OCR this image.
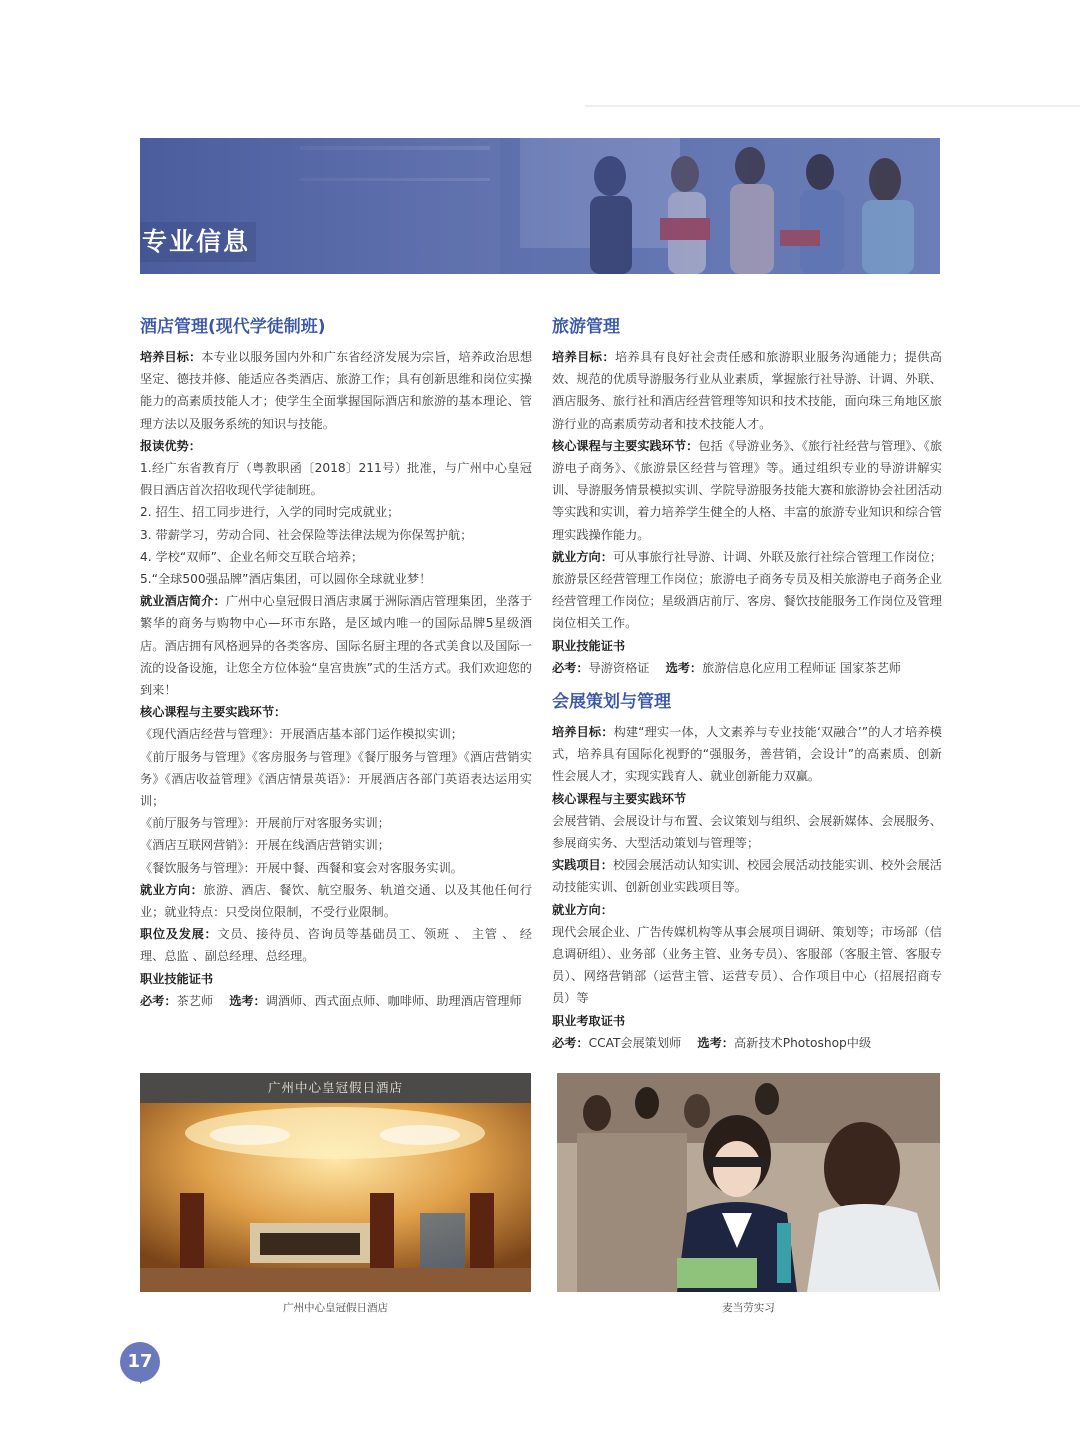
专业信息
酒店管理(现代学徒制班)

培养目标：本专业以服务国内外和广东省经济发展为宗旨，培养政治思想坚定、德技并修、能适应各类酒店、旅游工作；具有创新思维和岗位实操能力的高素质技能人才；使学生全面掌握国际酒店和旅游的基本理论、管理方法以及服务系统的知识与技能。

报读优势：

1.经广东省教育厅（粤教职函〔2018〕211号）批准，与广州中心皇冠假日酒店首次招收现代学徒制班。

2. 招生、招工同步进行，入学的同时完成就业；

3. 带薪学习，劳动合同、社会保险等法律法规为你保驾护航；

4. 学校“双师”、企业名师交互联合培养；

5.“全球500强品牌”酒店集团，可以圆你全球就业梦！

就业酒店简介：广州中心皇冠假日酒店隶属于洲际酒店管理集团，坐落于繁华的商务与购物中心—环市东路，是区域内唯一的国际品牌5星级酒店。酒店拥有风格迥异的各类客房、国际名厨主理的各式美食以及国际一流的设备设施，让您全方位体验“皇宫贵族”式的生活方式。我们欢迎您的到来！

核心课程与主要实践环节：

《现代酒店经营与管理》：开展酒店基本部门运作模拟实训；

《前厅服务与管理》《客房服务与管理》《餐厅服务与管理》《酒店营销实务》《酒店收益管理》《酒店情景英语》：开展酒店各部门英语表达运用实训；

《前厅服务与管理》：开展前厅对客服务实训；

《酒店互联网营销》：开展在线酒店营销实训；

《餐饮服务与管理》：开展中餐、西餐和宴会对客服务实训。

就业方向：旅游、酒店、餐饮、航空服务、轨道交通、以及其他任何行业；就业特点：只受岗位限制，不受行业限制。

职位及发展：文员、接待员、咨询员等基础员工、领班 、 主管 、 经理、总监 、副总经理、总经理。

职业技能证书

必考：茶艺师　 选考：调酒师、西式面点师、咖啡师、助理酒店管理师

旅游管理

培养目标：培养具有良好社会责任感和旅游职业服务沟通能力；提供高效、规范的优质导游服务行业从业素质，掌握旅行社导游、计调、外联、酒店服务、旅行社和酒店经营管理等知识和技术技能，面向珠三角地区旅游行业的高素质劳动者和技术技能人才。

核心课程与主要实践环节：包括《导游业务》、《旅行社经营与管理》、《旅游电子商务》、《旅游景区经营与管理》等。通过组织专业的导游讲解实训、导游服务情景模拟实训、学院导游服务技能大赛和旅游协会社团活动等实践和实训，着力培养学生健全的人格、丰富的旅游专业知识和综合管理实践操作能力。

就业方向：可从事旅行社导游、计调、外联及旅行社综合管理工作岗位；旅游景区经营管理工作岗位；旅游电子商务专员及相关旅游电子商务企业经营管理工作岗位；星级酒店前厅、客房、餐饮技能服务工作岗位及管理岗位相关工作。

职业技能证书

必考：导游资格证　 选考：旅游信息化应用工程师证 国家茶艺师

会展策划与管理

培养目标：构建“理实一体，人文素养与专业技能‘双融合’”的人才培养模式，培养具有国际化视野的“强服务，善营销，会设计”的高素质、创新性会展人才，实现实践育人、就业创新能力双赢。

核心课程与主要实践环节

会展营销、会展设计与布置、会议策划与组织、会展新媒体、会展服务、参展商实务、大型活动策划与管理等；

实践项目：校园会展活动认知实训、校园会展活动技能实训、校外会展活动技能实训、创新创业实践项目等。

就业方向：

现代会展企业、广告传媒机构等从事会展项目调研、策划等；市场部（信息调研组）、业务部（业务主管、业务专员）、客服部（客服主管、客服专员）、网络营销部（运营主管、运营专员）、合作项目中心（招展招商专员）等

职业考取证书

必考：CCAT会展策划师　 选考：高新技术Photoshop中级

广州中心皇冠假日酒店
广州中心皇冠假日酒店	麦当劳实习
17
